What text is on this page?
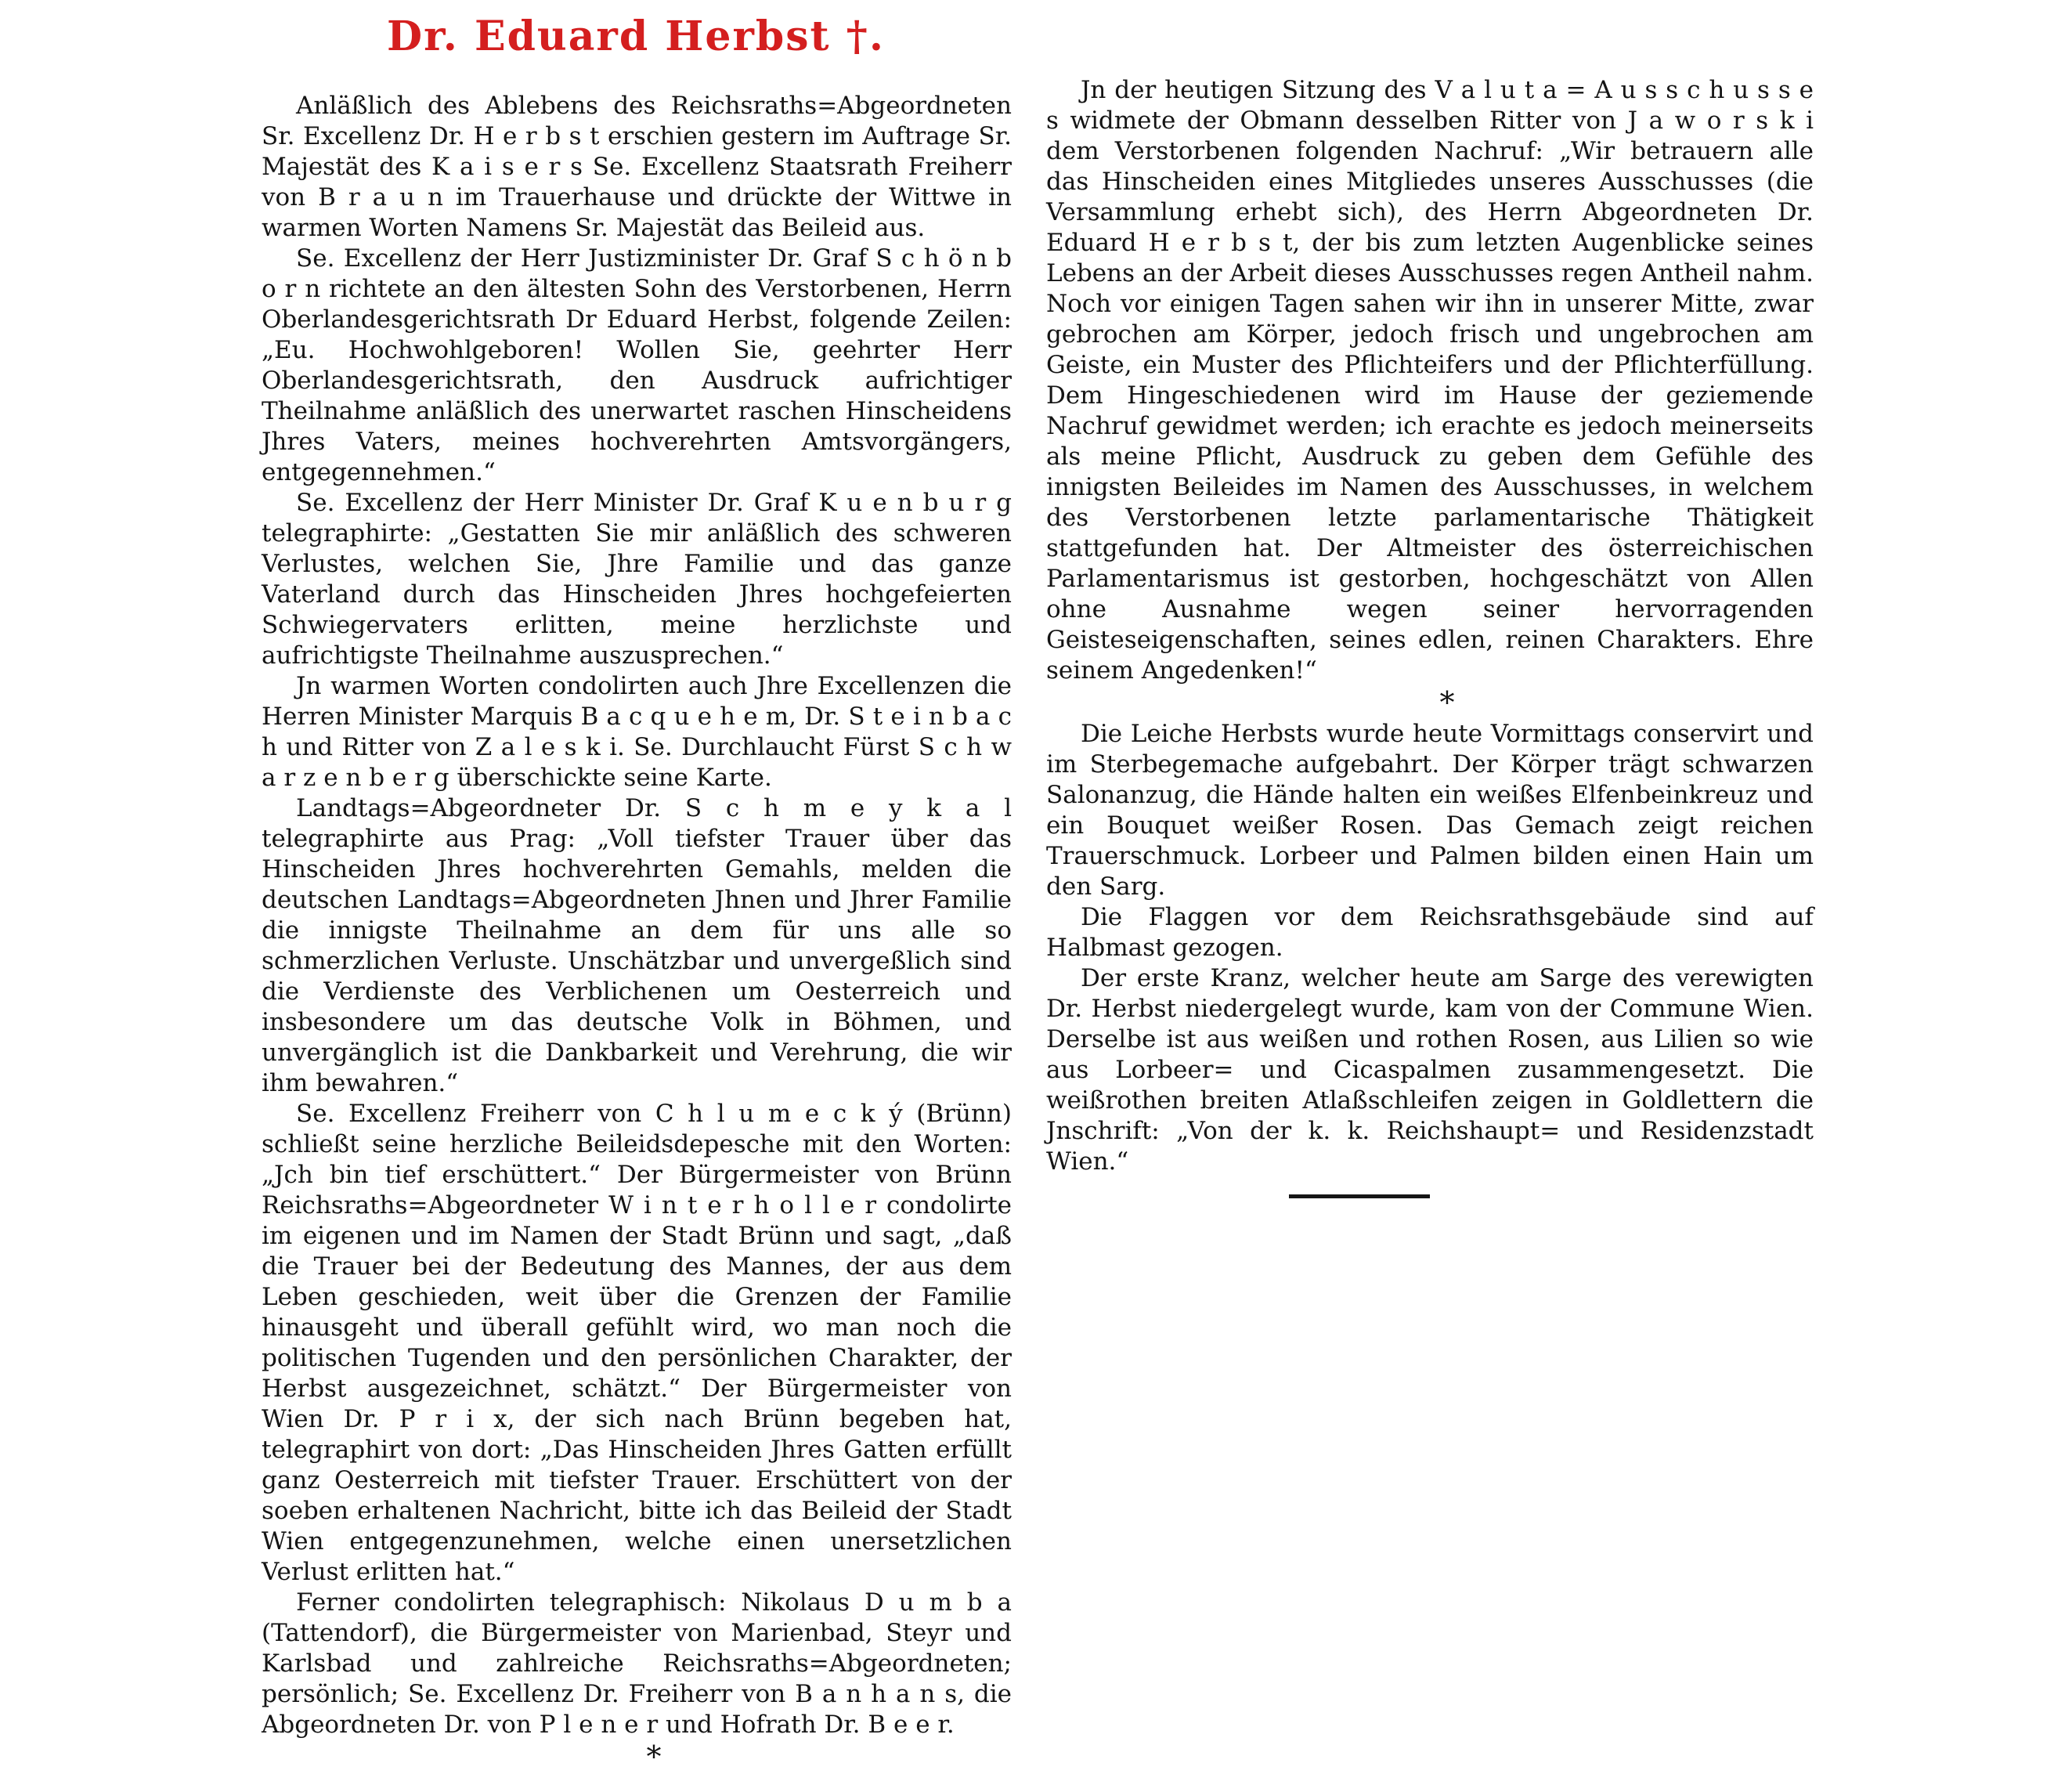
Dr. Eduard Herbst †.

Anläßlich des Ablebens des Reichsraths=Abgeordneten Sr. Excellenz Dr. H e r b s t erschien gestern im Auftrage Sr. Majestät des K a i s e r s Se. Excellenz Staatsrath Freiherr von B r a u n im Trauerhause und drückte der Wittwe in warmen Worten Namens Sr. Majestät das Beileid aus.

Se. Excellenz der Herr Justizminister Dr. Graf S c h ö n b o r n richtete an den ältesten Sohn des Verstorbenen, Herrn Oberlandesgerichtsrath Dr Eduard Herbst, folgende Zeilen: „Eu. Hochwohlgeboren! Wollen Sie, geehrter Herr Oberlandesgerichtsrath, den Ausdruck aufrichtiger Theilnahme anläßlich des unerwartet raschen Hinscheidens Jhres Vaters, meines hochverehrten Amtsvorgängers, entgegennehmen.“

Se. Excellenz der Herr Minister Dr. Graf K u e n b u r g telegraphirte: „Gestatten Sie mir anläßlich des schweren Verlustes, welchen Sie, Jhre Familie und das ganze Vaterland durch das Hinscheiden Jhres hochgefeierten Schwiegervaters erlitten, meine herzlichste und aufrichtigste Theilnahme auszusprechen.“

Jn warmen Worten condolirten auch Jhre Excellenzen die Herren Minister Marquis B a c q u e h e m, Dr. S t e i n b a c h und Ritter von Z a l e s k i. Se. Durchlaucht Fürst S c h w a r z e n b e r g überschickte seine Karte.

Landtags=Abgeordneter Dr. S c h m e y k a l telegraphirte aus Prag: „Voll tiefster Trauer über das Hinscheiden Jhres hochverehrten Gemahls, melden die deutschen Landtags=Abgeordneten Jhnen und Jhrer Familie die innigste Theilnahme an dem für uns alle so schmerzlichen Verluste. Unschätzbar und unvergeßlich sind die Verdienste des Verblichenen um Oesterreich und insbesondere um das deutsche Volk in Böhmen, und unvergänglich ist die Dankbarkeit und Verehrung, die wir ihm bewahren.“

Se. Excellenz Freiherr von C h l u m e c k ý (Brünn) schließt seine herzliche Beileidsdepesche mit den Worten: „Jch bin tief erschüttert.“ Der Bürgermeister von Brünn Reichsraths=Abgeordneter W i n t e r h o l l e r condolirte im eigenen und im Namen der Stadt Brünn und sagt, „daß die Trauer bei der Bedeutung des Mannes, der aus dem Leben geschieden, weit über die Grenzen der Familie hinausgeht und überall gefühlt wird, wo man noch die politischen Tugenden und den persönlichen Charakter, der Herbst ausgezeichnet, schätzt.“ Der Bürgermeister von Wien Dr. P r i x, der sich nach Brünn begeben hat, telegraphirt von dort: „Das Hinscheiden Jhres Gatten erfüllt ganz Oesterreich mit tiefster Trauer. Erschüttert von der soeben erhaltenen Nachricht, bitte ich das Beileid der Stadt Wien entgegenzunehmen, welche einen unersetzlichen Verlust erlitten hat.“

Ferner condolirten telegraphisch: Nikolaus D u m b a (Tattendorf), die Bürgermeister von Marienbad, Steyr und Karlsbad und zahlreiche Reichsraths=Abgeordneten; persönlich; Se. Excellenz Dr. Freiherr von B a n h a n s, die Abgeordneten Dr. von P l e n e r und Hofrath Dr. B e e r.

*

Jn der heutigen Sitzung des V a l u t a = A u s s c h u s s e s widmete der Obmann desselben Ritter von J a w o r s k i dem Verstorbenen folgenden Nachruf: „Wir betrauern alle das Hinscheiden eines Mitgliedes unseres Ausschusses (die Versammlung erhebt sich), des Herrn Abgeordneten Dr. Eduard H e r b s t, der bis zum letzten Augenblicke seines Lebens an der Arbeit dieses Ausschusses regen Antheil nahm. Noch vor einigen Tagen sahen wir ihn in unserer Mitte, zwar gebrochen am Körper, jedoch frisch und ungebrochen am Geiste, ein Muster des Pflichteifers und der Pflichterfüllung. Dem Hingeschiedenen wird im Hause der geziemende Nachruf gewidmet werden; ich erachte es jedoch meinerseits als meine Pflicht, Ausdruck zu geben dem Gefühle des innigsten Beileides im Namen des Ausschusses, in welchem des Verstorbenen letzte parlamentarische Thätigkeit stattgefunden hat. Der Altmeister des österreichischen Parlamentarismus ist gestorben, hochgeschätzt von Allen ohne Ausnahme wegen seiner hervorragenden Geisteseigenschaften, seines edlen, reinen Charakters. Ehre seinem Angedenken!“

*

Die Leiche Herbsts wurde heute Vormittags conservirt und im Sterbegemache aufgebahrt. Der Körper trägt schwarzen Salonanzug, die Hände halten ein weißes Elfenbeinkreuz und ein Bouquet weißer Rosen. Das Gemach zeigt reichen Trauerschmuck. Lorbeer und Palmen bilden einen Hain um den Sarg.

Die Flaggen vor dem Reichsrathsgebäude sind auf Halbmast gezogen.

Der erste Kranz, welcher heute am Sarge des verewigten Dr. Herbst niedergelegt wurde, kam von der Commune Wien. Derselbe ist aus weißen und rothen Rosen, aus Lilien so wie aus Lorbeer= und Cicaspalmen zusammengesetzt. Die weißrothen breiten Atlaßschleifen zeigen in Goldlettern die Jnschrift: „Von der k. k. Reichshaupt= und Residenzstadt Wien.“
